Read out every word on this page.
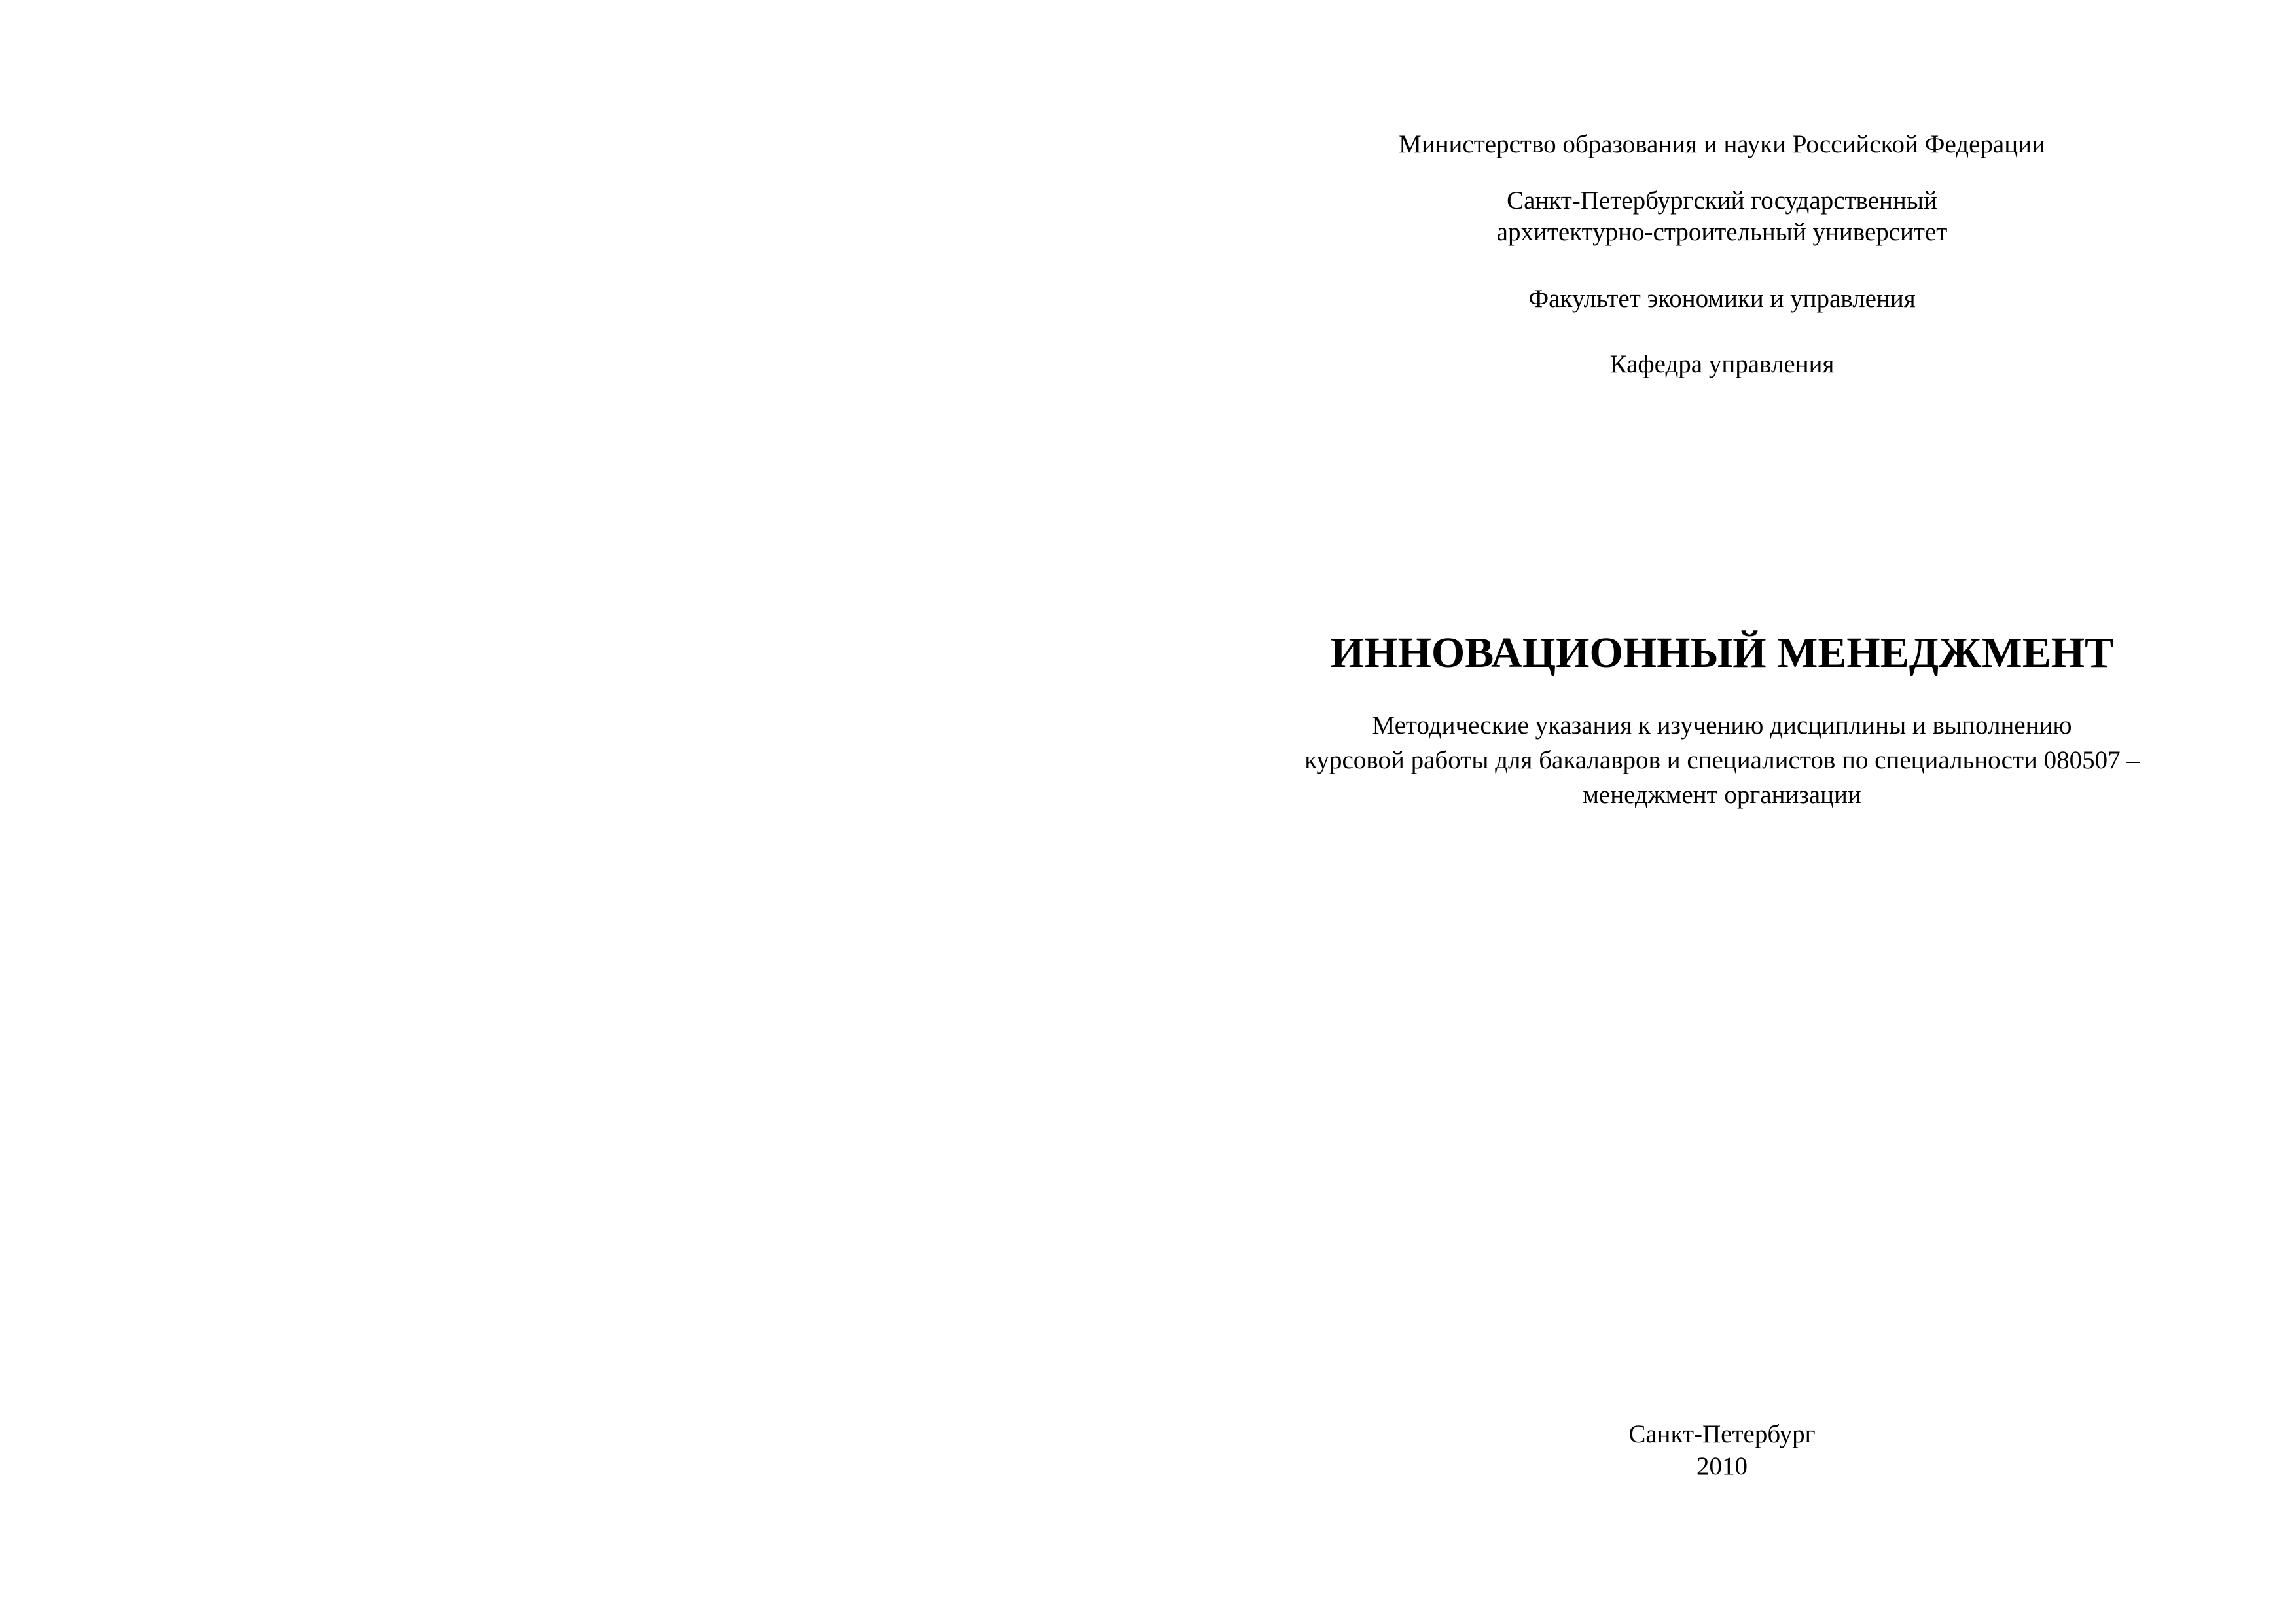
Министерство образования и науки Российской Федерации
Санкт-Петербургский государственный
архитектурно-строительный университет
Факультет экономики и управления
Кафедра управления
ИННОВАЦИОННЫЙ МЕНЕДЖМЕНТ
Методические указания к изучению дисциплины и выполнению
курсовой работы для бакалавров и специалистов по специальности 080507 –
менеджмент организации
Санкт-Петербург
2010
